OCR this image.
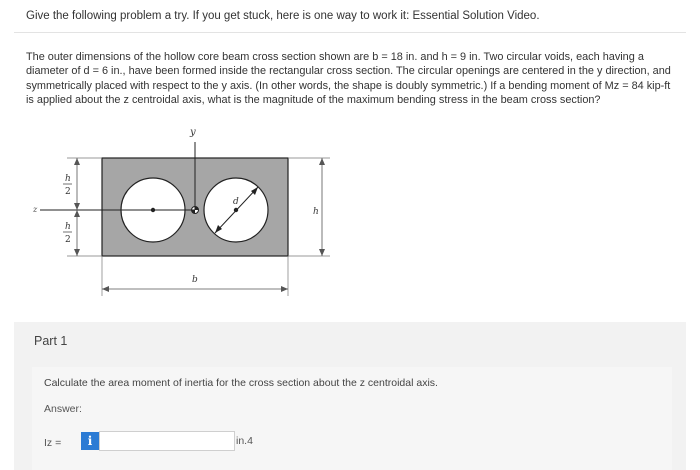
Give the following problem a try. If you get stuck, here is one way to work it: Essential Solution Video.
The outer dimensions of the hollow core beam cross section shown are b = 18 in. and h = 9 in. Two circular voids, each having a
diameter of d = 6 in., have been formed inside the rectangular cross section. The circular openings are centered in the y direction, and
symmetrically placed with respect to the y axis. (In other words, the shape is doubly symmetric.) If a bending moment of Mz = 84 kip-ft
is applied about the z centroidal axis, what is the magnitude of the maximum bending stress in the beam cross section?
y
z
d
h
2
h
2
h
b
Part 1
Calculate the area moment of inertia for the cross section about the z centroidal axis.
Answer:
Iz =	i	in.4
